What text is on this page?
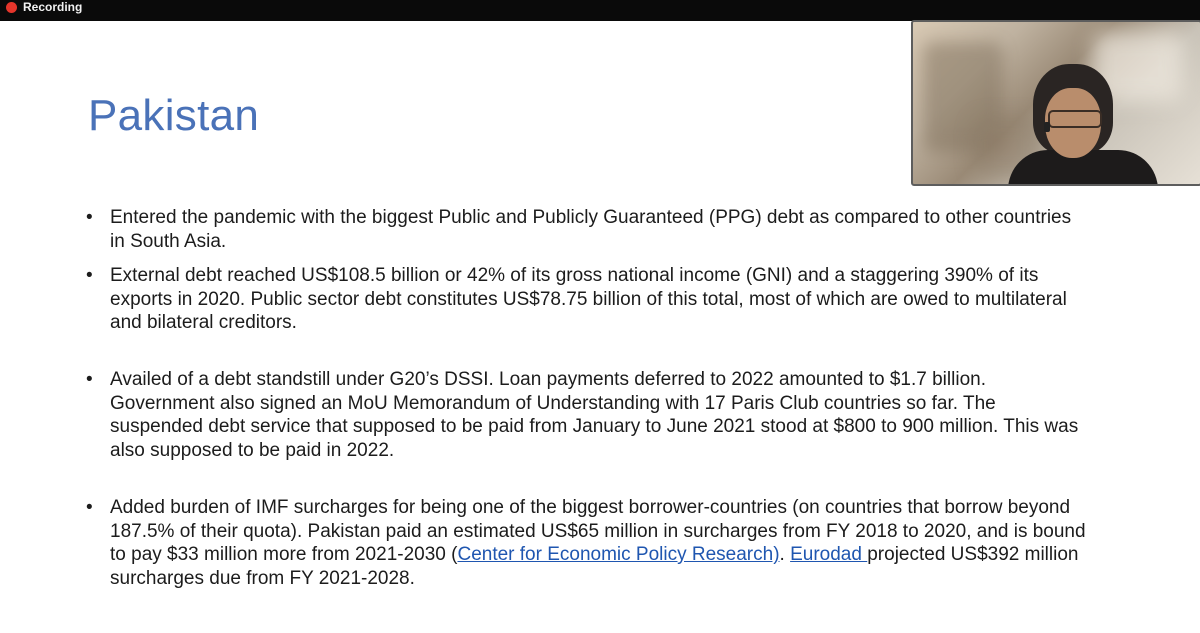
Recording
Pakistan
• Entered the pandemic with the biggest Public and Publicly Guaranteed (PPG) debt as compared to other countries in South Asia.
• External debt reached US$108.5 billion or 42% of its gross national income (GNI) and a staggering 390% of its exports in 2020. Public sector debt constitutes US$78.75 billion of this total, most of which are owed to multilateral and bilateral creditors.
• Availed of a debt standstill under G20’s DSSI. Loan payments deferred to 2022 amounted to $1.7 billion. Government also signed an MoU Memorandum of Understanding with 17 Paris Club countries so far. The suspended debt service that supposed to be paid from January to June 2021 stood at $800 to 900 million. This was also supposed to be paid in 2022.
• Added burden of IMF surcharges for being one of the biggest borrower-countries (on countries that borrow beyond 187.5% of their quota). Pakistan paid an estimated US$65 million in surcharges from FY 2018 to 2020, and is bound to pay $33 million more from 2021-2030 (Center for Economic Policy Research). Eurodad projected US$392 million surcharges due from FY 2021-2028.
